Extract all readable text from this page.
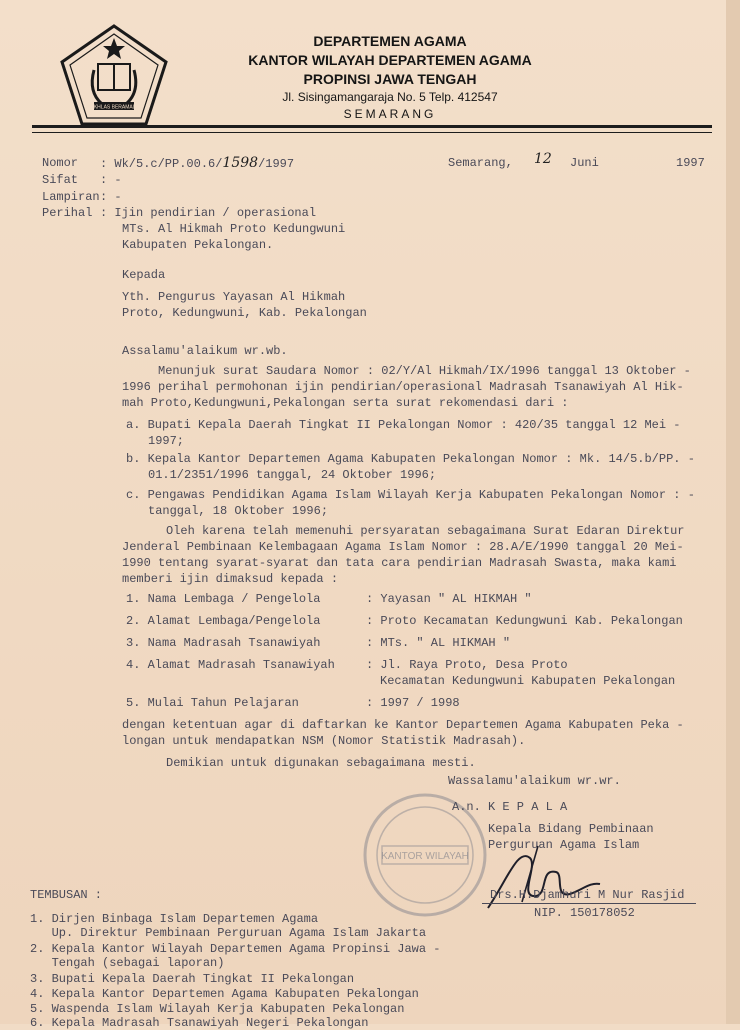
IKHLAS BERAMAL
DEPARTEMEN AGAMA
KANTOR WILAYAH DEPARTEMEN AGAMA
PROPINSI JAWA TENGAH
Jl. Sisingamangaraja No. 5 Telp. 412547
SEMARANG
Nomor : Wk/5.c/PP.00.6/1598/1997	Semarang, 12 Juni	1997
Sifat : -
Lampiran : -
Perihal : Ijin pendirian / operasional
MTs. Al Hikmah Proto Kedungwuni
Kabupaten Pekalongan.
Kepada
Yth. Pengurus Yayasan Al Hikmah
Proto, Kedungwuni, Kab. Pekalongan
Assalamu'alaikum wr.wb.
Menunjuk surat Saudara Nomor : 02/Y/Al Hikmah/IX/1996 tanggal 13 Oktober -
1996 perihal permohonan ijin pendirian/operasional Madrasah Tsanawiyah Al Hik-
mah Proto,Kedungwuni,Pekalongan serta surat rekomendasi dari :
a. Bupati Kepala Daerah Tingkat II Pekalongan Nomor : 420/35 tanggal 12 Mei -
1997;
b. Kepala Kantor Departemen Agama Kabupaten Pekalongan Nomor : Mk. 14/5.b/PP. -
01.1/2351/1996 tanggal, 24 Oktober 1996;
c. Pengawas Pendidikan Agama Islam Wilayah Kerja Kabupaten Pekalongan Nomor : -
tanggal, 18 Oktober 1996;
Oleh karena telah memenuhi persyaratan sebagaimana Surat Edaran Direktur
Jenderal Pembinaan Kelembagaan Agama Islam Nomor : 28.A/E/1990 tanggal 20 Mei-
1990 tentang syarat-syarat dan tata cara pendirian Madrasah Swasta, maka kami
memberi ijin dimaksud kepada :
1. Nama Lembaga / Pengelola	: Yayasan " AL HIKMAH "
2. Alamat Lembaga/Pengelola	: Proto Kecamatan Kedungwuni Kab. Pekalongan
3. Nama Madrasah Tsanawiyah	: MTs. " AL HIKMAH "
4. Alamat Madrasah Tsanawiyah	: Jl. Raya Proto, Desa Proto
Kecamatan Kedungwuni Kabupaten Pekalongan
5. Mulai Tahun Pelajaran	: 1997 / 1998
dengan ketentuan agar di daftarkan ke Kantor Departemen Agama Kabupaten Peka -
longan untuk mendapatkan NSM (Nomor Statistik Madrasah).
Demikian untuk digunakan sebagaimana mesti.
Wassalamu'alaikum wr.wr.
KANTOR WILAYAH
A.n. K E P A L A
Kepala Bidang Pembinaan
Perguruan Agama Islam
Drs.H.Djamhuri M Nur Rasjid
NIP. 150178052
TEMBUSAN :
1. Dirjen Binbaga Islam Departemen Agama
Up. Direktur Pembinaan Perguruan Agama Islam Jakarta
2. Kepala Kantor Wilayah Departemen Agama Propinsi Jawa -
Tengah (sebagai laporan)
3. Bupati Kepala Daerah Tingkat II Pekalongan
4. Kepala Kantor Departemen Agama Kabupaten Pekalongan
5. Waspenda Islam Wilayah Kerja Kabupaten Pekalongan
6. Kepala Madrasah Tsanawiyah Negeri Pekalongan
